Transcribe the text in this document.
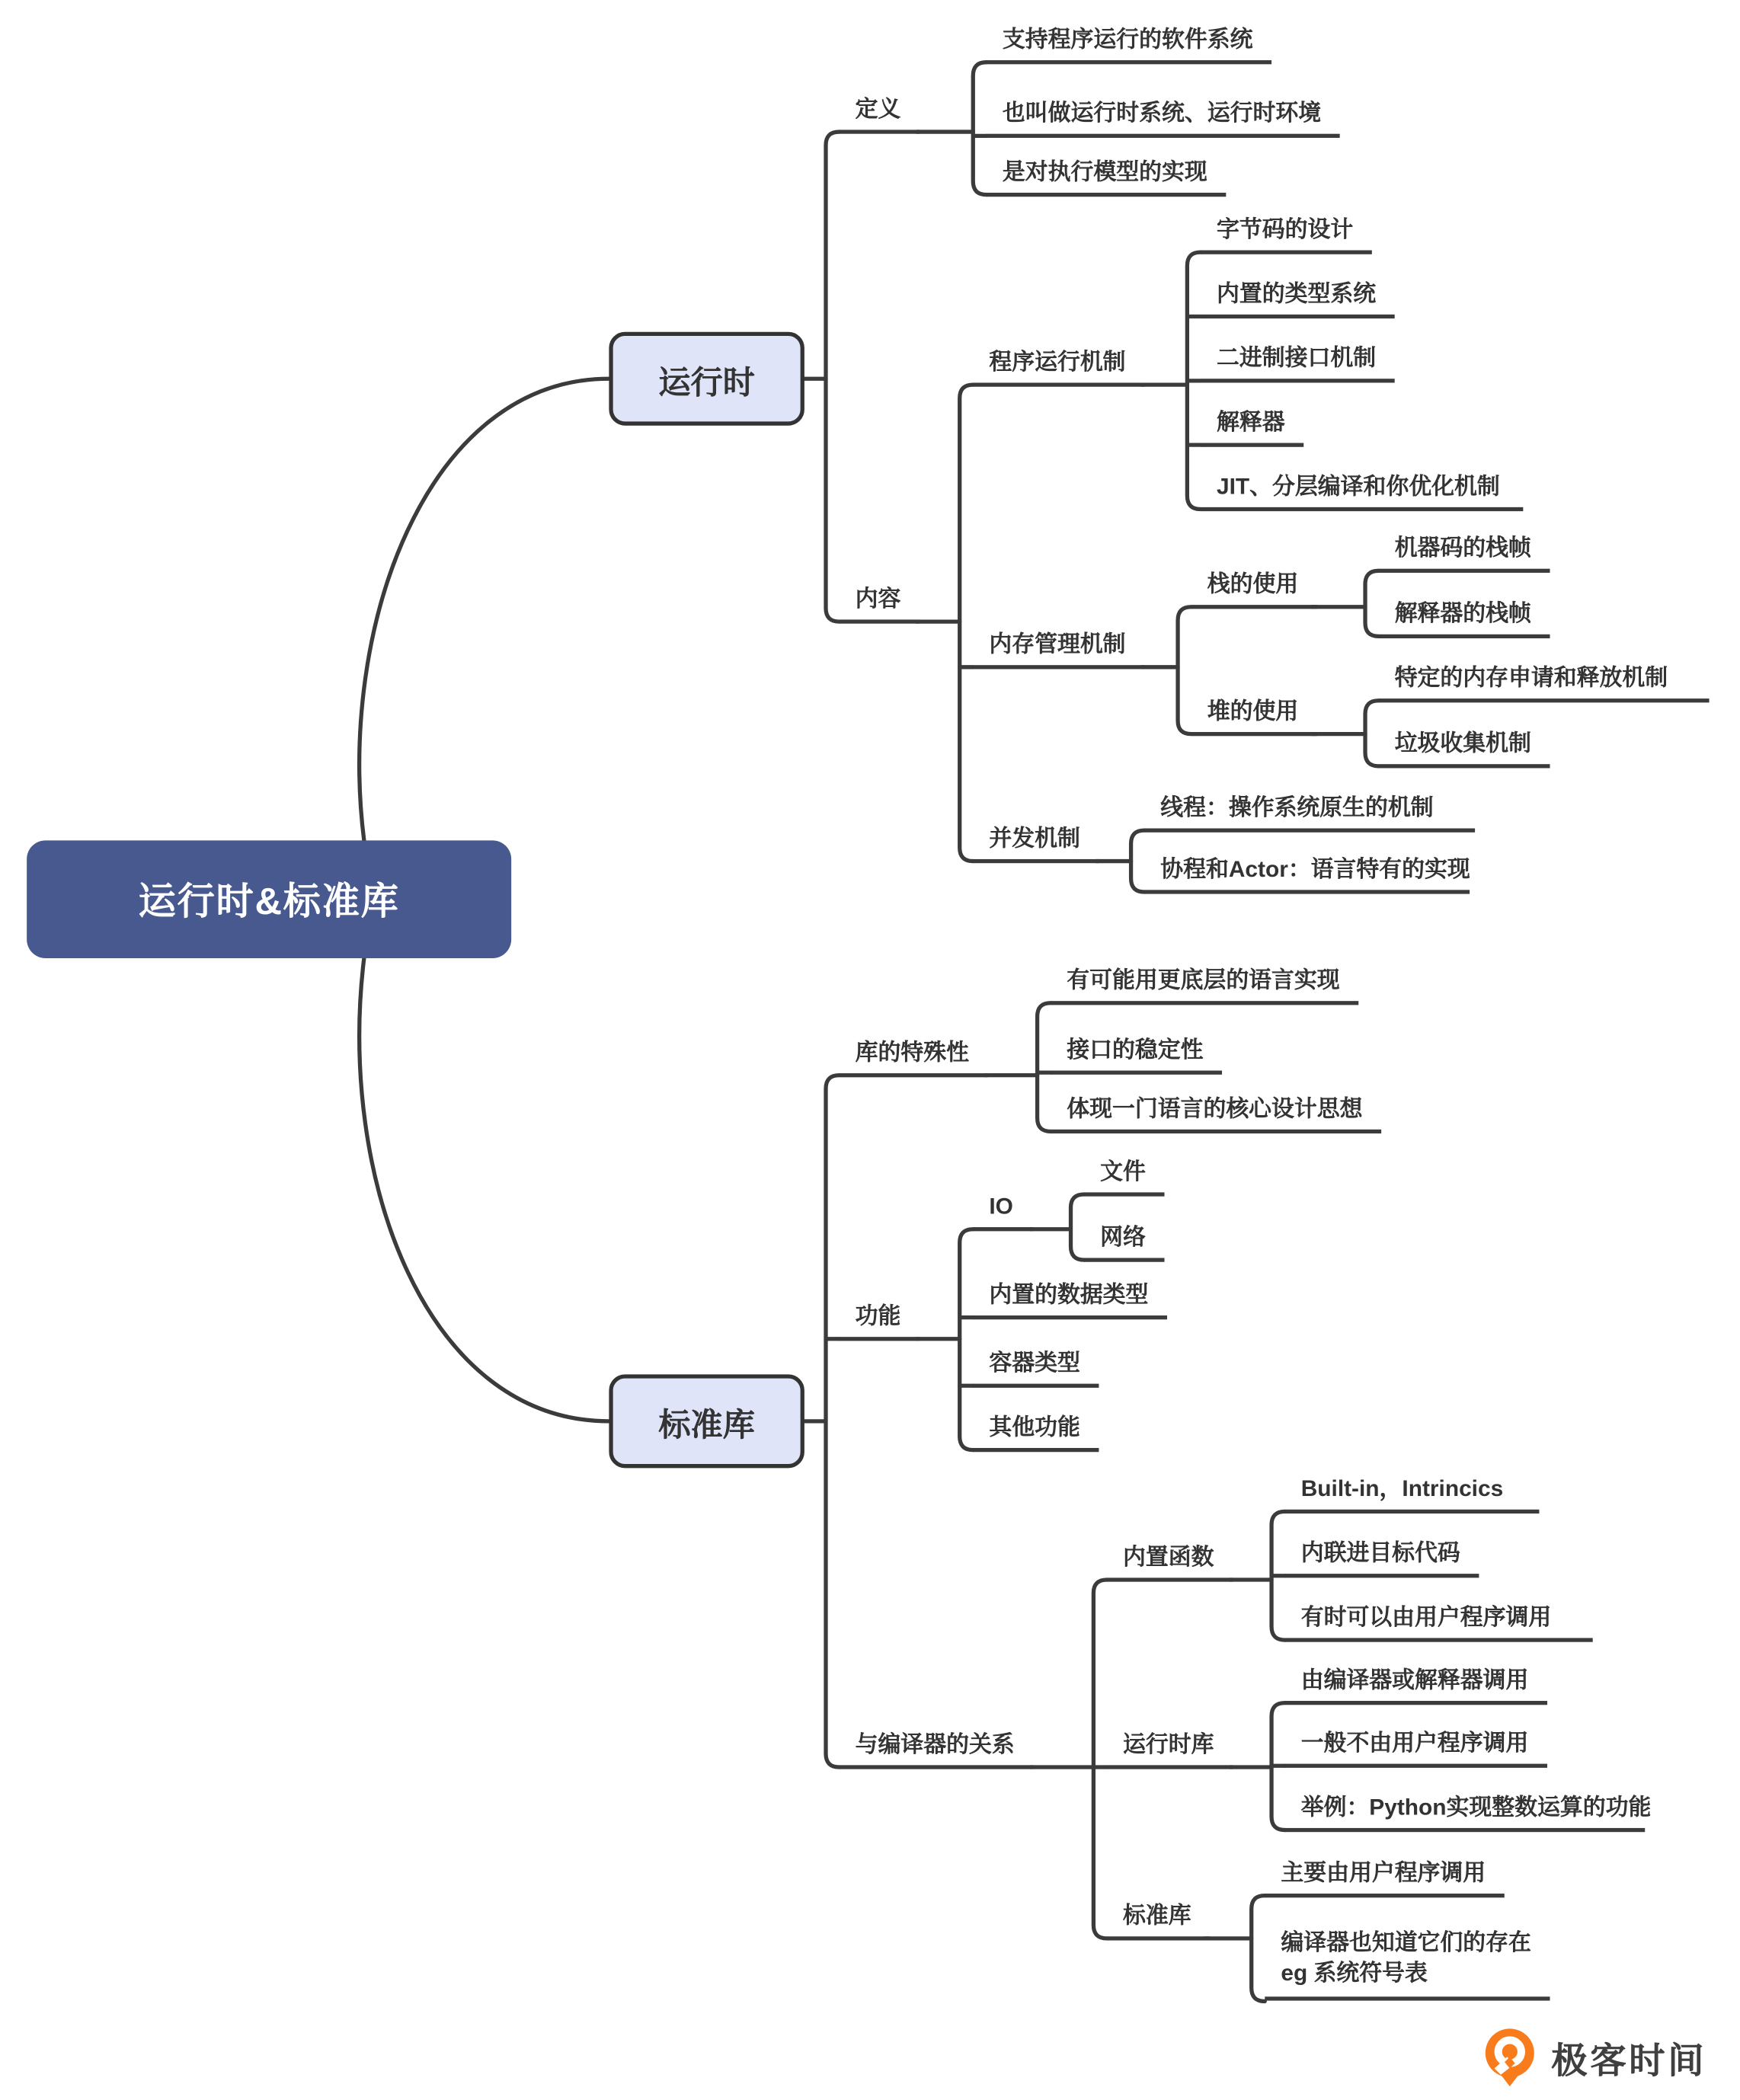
运行时&标准库
运行时
标准库
定义
支持程序运行的软件系统
也叫做运行时系统、运行时环境
是对执行模型的实现
内容
程序运行机制
字节码的设计
内置的类型系统
二进制接口机制
解释器
JIT、分层编译和你优化机制
内存管理机制
栈的使用
机器码的栈帧
解释器的栈帧
堆的使用
特定的内存申请和释放机制
垃圾收集机制
并发机制
线程：操作系统原生的机制
协程和Actor：语言特有的实现
库的特殊性
有可能用更底层的语言实现
接口的稳定性
体现一门语言的核心设计思想
功能
IO
文件
网络
内置的数据类型
容器类型
其他功能
与编译器的关系
内置函数
Built-in，Intrincics
内联进目标代码
有时可以由用户程序调用
运行时库
由编译器或解释器调用
一般不由用户程序调用
举例：Python实现整数运算的功能
标准库
主要由用户程序调用
编译器也知道它们的存在
eg 系统符号表
极客时间
